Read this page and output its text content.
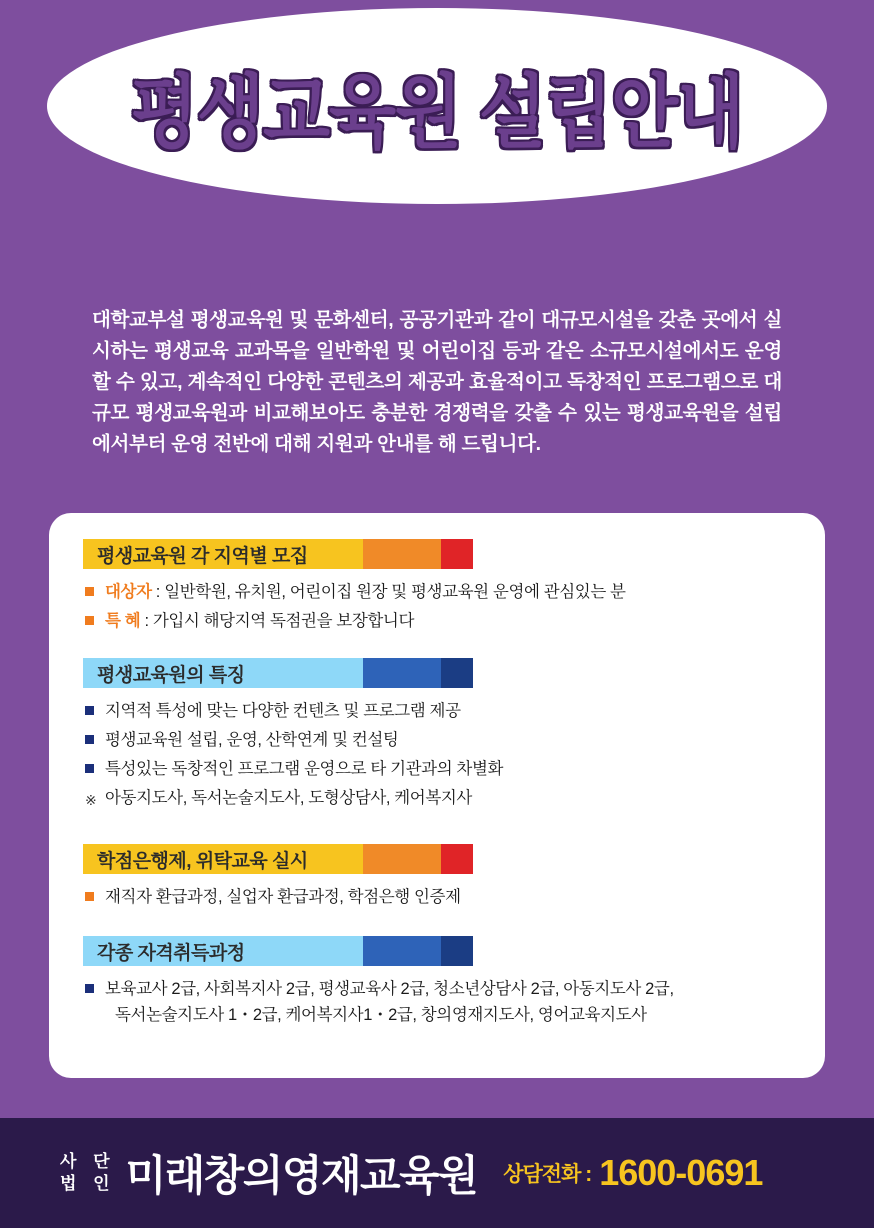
평생교육원 설립안내

대학교부설 평생교육원 및 문화센터, 공공기관과 같이 대규모시설을 갖춘 곳에서 실시하는 평생교육 교과목을 일반학원 및 어린이집 등과 같은 소규모시설에서도 운영 할 수 있고, 계속적인 다양한 콘텐츠의 제공과 효율적이고 독창적인 프로그램으로 대규모 평생교육원과 비교해보아도 충분한 경쟁력을 갖출 수 있는 평생교육원을 설립에서부터 운영 전반에 대해 지원과 안내를 해 드립니다.

평생교육원 각 지역별 모집
대상자 : 일반학원, 유치원, 어린이집 원장 및 평생교육원 운영에 관심있는 분
특 혜 : 가입시 해당지역 독점권을 보장합니다
평생교육원의 특징
지역적 특성에 맞는 다양한 컨텐츠 및 프로그램 제공
평생교육원 설립, 운영, 산학연계 및 컨설팅
특성있는 독창적인 프로그램 운영으로 타 기관과의 차별화
※ 아동지도사, 독서논술지도사, 도형상담사, 케어복지사
학점은행제, 위탁교육 실시
재직자 환급과정, 실업자 환급과정, 학점은행 인증제
각종 자격취득과정
보육교사 2급, 사회복지사 2급, 평생교육사 2급, 청소년상담사 2급, 아동지도사 2급,
독서논술지도사 1・2급, 케어복지사1・2급, 창의영재지도사, 영어교육지도사
사 단
법 인 미래창의영재교육원 상담전화 : 1600-0691
